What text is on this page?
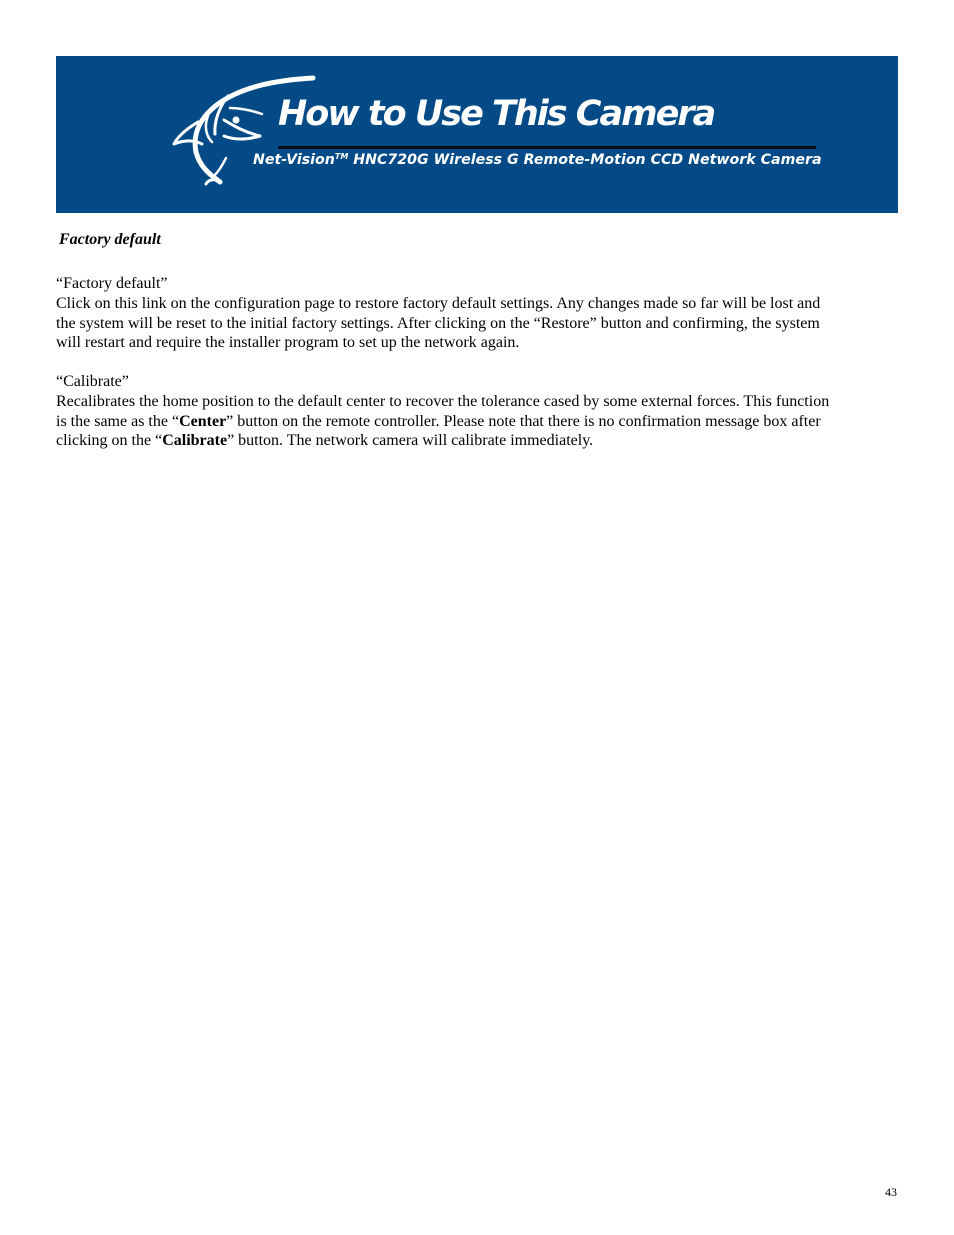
How to Use This Camera
Net-Vision™ HNC720G Wireless G Remote-Motion CCD Network Camera
Factory default
“Factory default”
Click on this link on the configuration page to restore factory default settings. Any changes made so far will be lost and
the system will be reset to the initial factory settings. After clicking on the “Restore” button and confirming, the system
will restart and require the installer program to set up the network again.
“Calibrate”
Recalibrates the home position to the default center to recover the tolerance cased by some external forces. This function
is the same as the “Center” button on the remote controller. Please note that there is no confirmation message box after
clicking on the “Calibrate” button. The network camera will calibrate immediately.
43
